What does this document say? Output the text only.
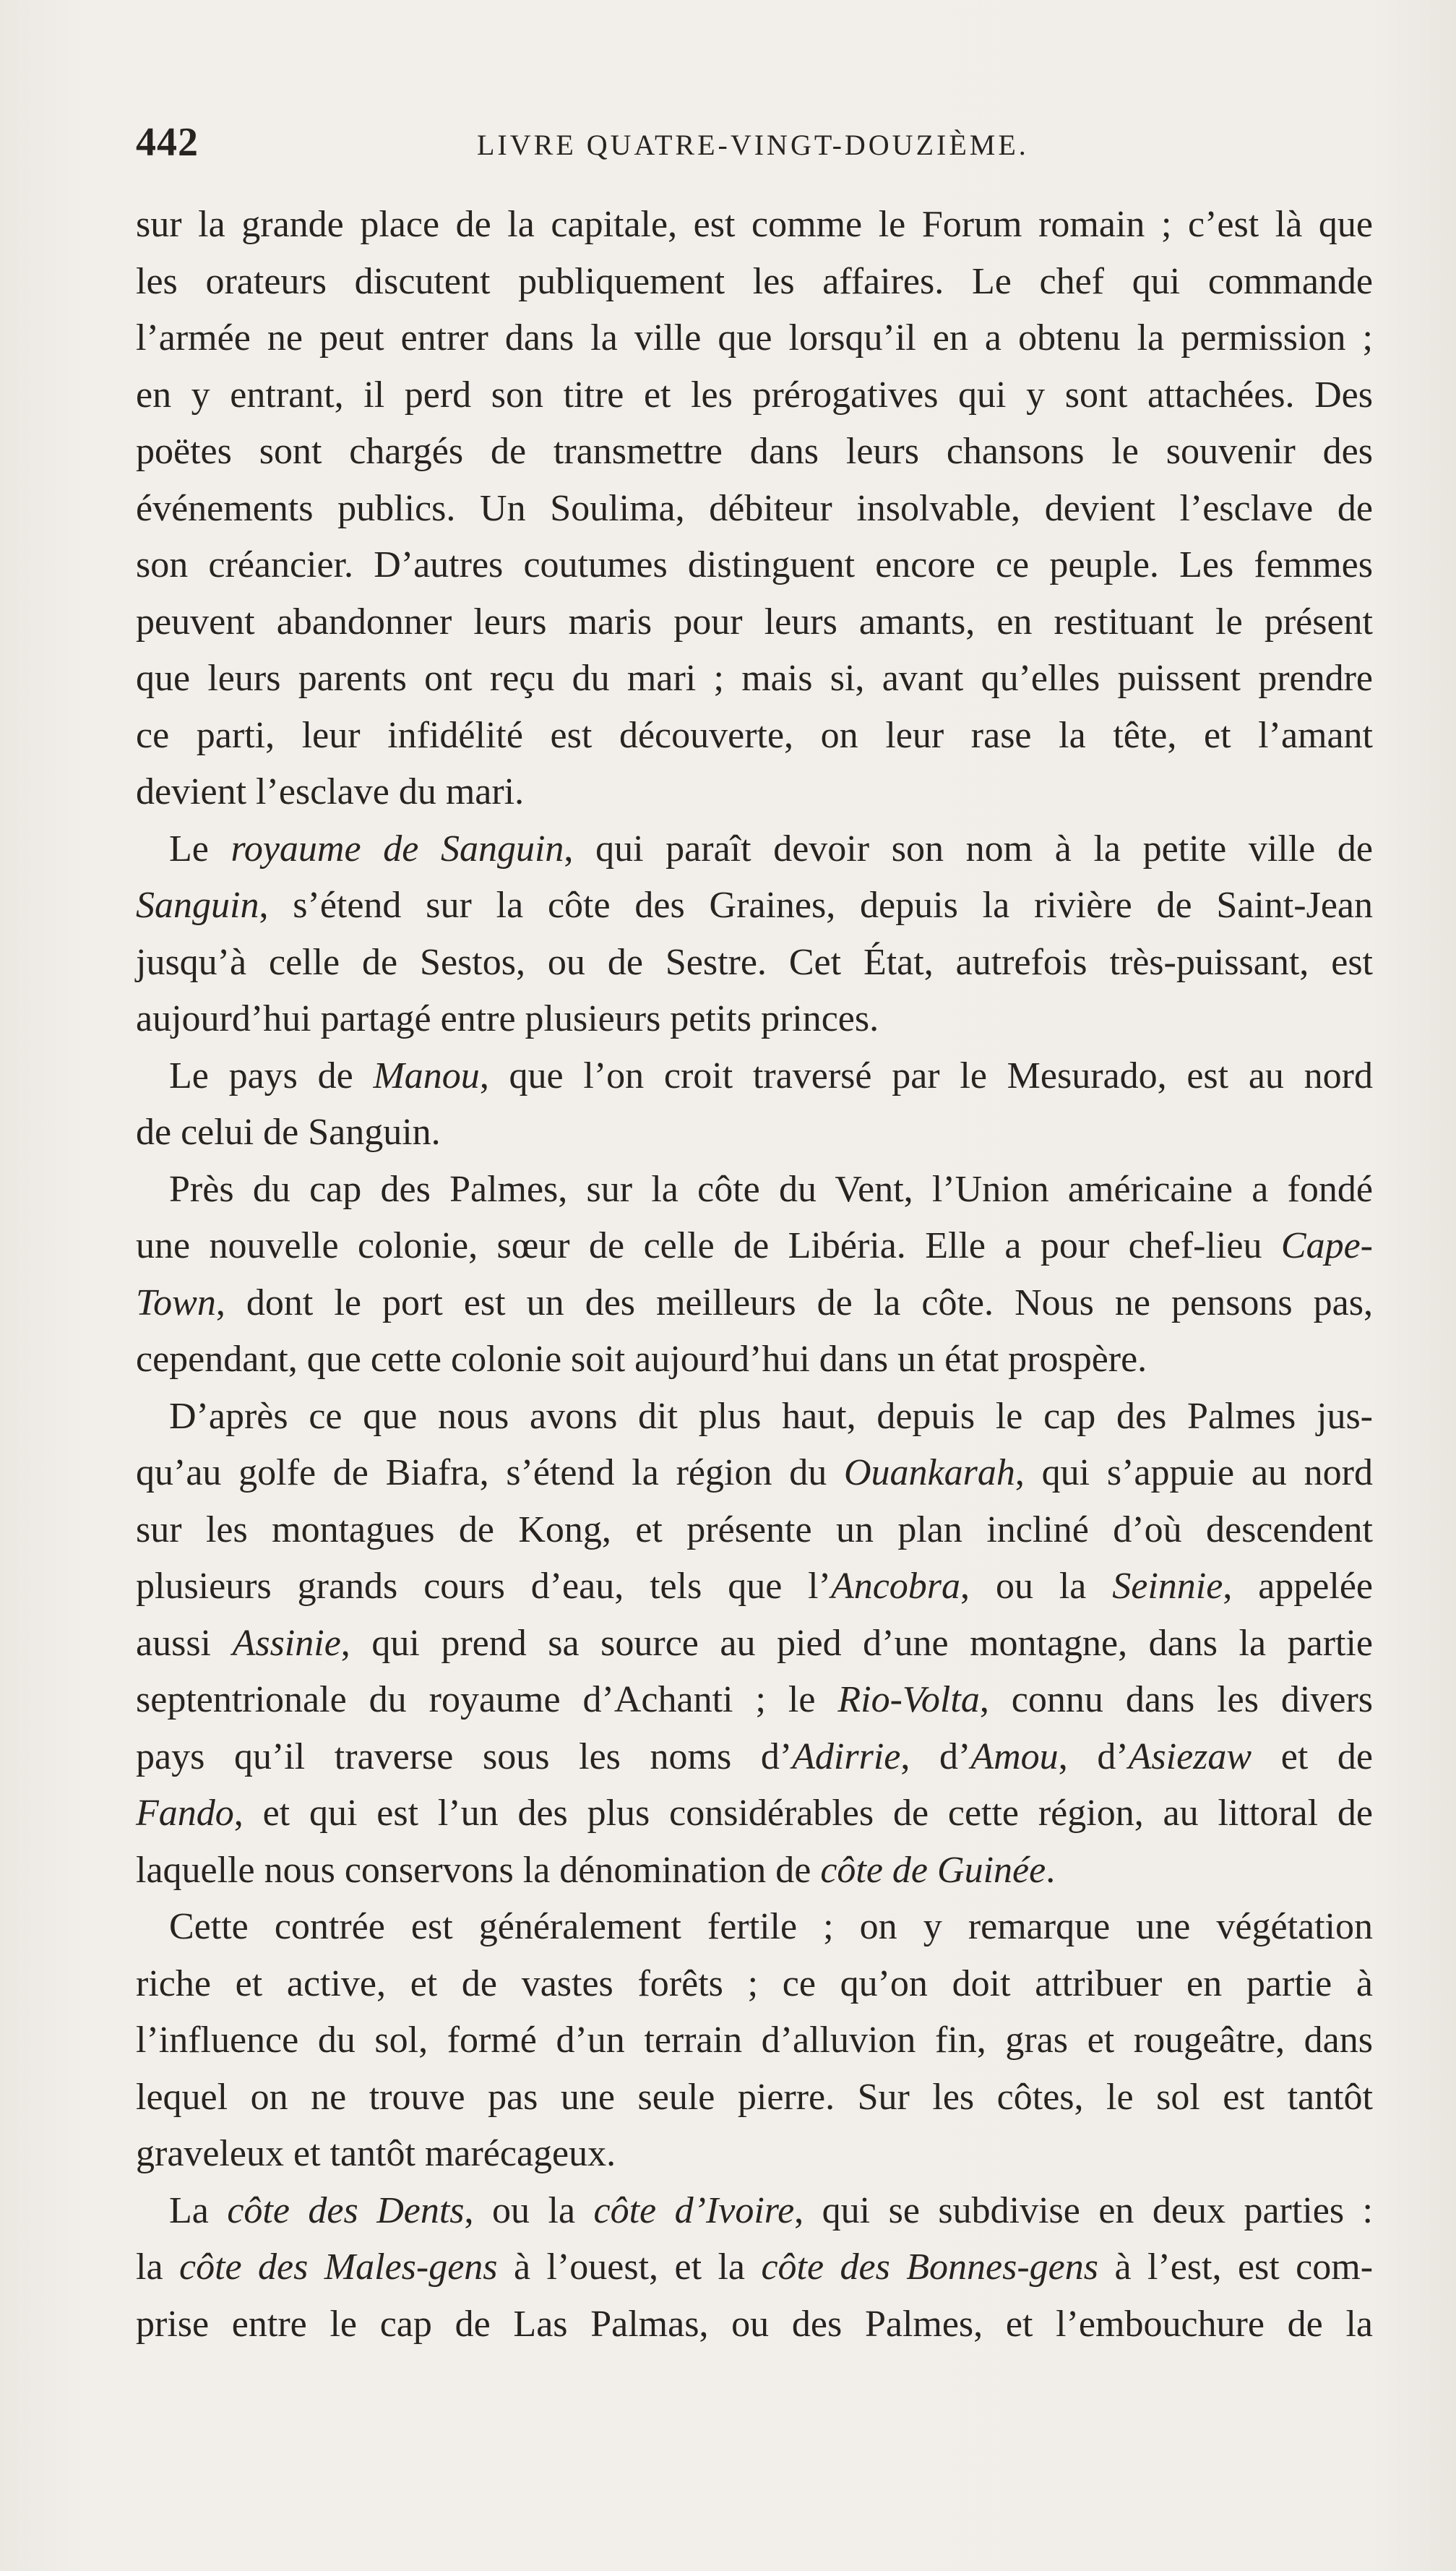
442	LIVRE QUATRE-VINGT-DOUZIÈME.
sur la grande place de la capitale, est comme le Forum romain ; c’est là que
les orateurs discutent publiquement les affaires. Le chef qui commande
l’armée ne peut entrer dans la ville que lorsqu’il en a obtenu la permission ;
en y entrant, il perd son titre et les prérogatives qui y sont attachées. Des
poëtes sont chargés de transmettre dans leurs chansons le souvenir des
événements publics. Un Soulima, débiteur insolvable, devient l’esclave de
son créancier. D’autres coutumes distinguent encore ce peuple. Les femmes
peuvent abandonner leurs maris pour leurs amants, en restituant le présent
que leurs parents ont reçu du mari ; mais si, avant qu’elles puissent prendre
ce parti, leur infidélité est découverte, on leur rase la tête, et l’amant
devient l’esclave du mari.
Le royaume de Sanguin, qui paraît devoir son nom à la petite ville de
Sanguin, s’étend sur la côte des Graines, depuis la rivière de Saint-Jean
jusqu’à celle de Sestos, ou de Sestre. Cet État, autrefois très-puissant, est
aujourd’hui partagé entre plusieurs petits princes.
Le pays de Manou, que l’on croit traversé par le Mesurado, est au nord
de celui de Sanguin.
Près du cap des Palmes, sur la côte du Vent, l’Union américaine a fondé
une nouvelle colonie, sœur de celle de Libéria. Elle a pour chef-lieu Cape-
Town, dont le port est un des meilleurs de la côte. Nous ne pensons pas,
cependant, que cette colonie soit aujourd’hui dans un état prospère.
D’après ce que nous avons dit plus haut, depuis le cap des Palmes jus-
qu’au golfe de Biafra, s’étend la région du Ouankarah, qui s’appuie au nord
sur les montagues de Kong, et présente un plan incliné d’où descendent
plusieurs grands cours d’eau, tels que l’Ancobra, ou la Seinnie, appelée
aussi Assinie, qui prend sa source au pied d’une montagne, dans la partie
septentrionale du royaume d’Achanti ; le Rio-Volta, connu dans les divers
pays qu’il traverse sous les noms d’Adirrie, d’Amou, d’Asiezaw et de
Fando, et qui est l’un des plus considérables de cette région, au littoral de
laquelle nous conservons la dénomination de côte de Guinée.
Cette contrée est généralement fertile ; on y remarque une végétation
riche et active, et de vastes forêts ; ce qu’on doit attribuer en partie à
l’influence du sol, formé d’un terrain d’alluvion fin, gras et rougeâtre, dans
lequel on ne trouve pas une seule pierre. Sur les côtes, le sol est tantôt
graveleux et tantôt marécageux.
La côte des Dents, ou la côte d’Ivoire, qui se subdivise en deux parties :
la côte des Males-gens à l’ouest, et la côte des Bonnes-gens à l’est, est com-
prise entre le cap de Las Palmas, ou des Palmes, et l’embouchure de la
